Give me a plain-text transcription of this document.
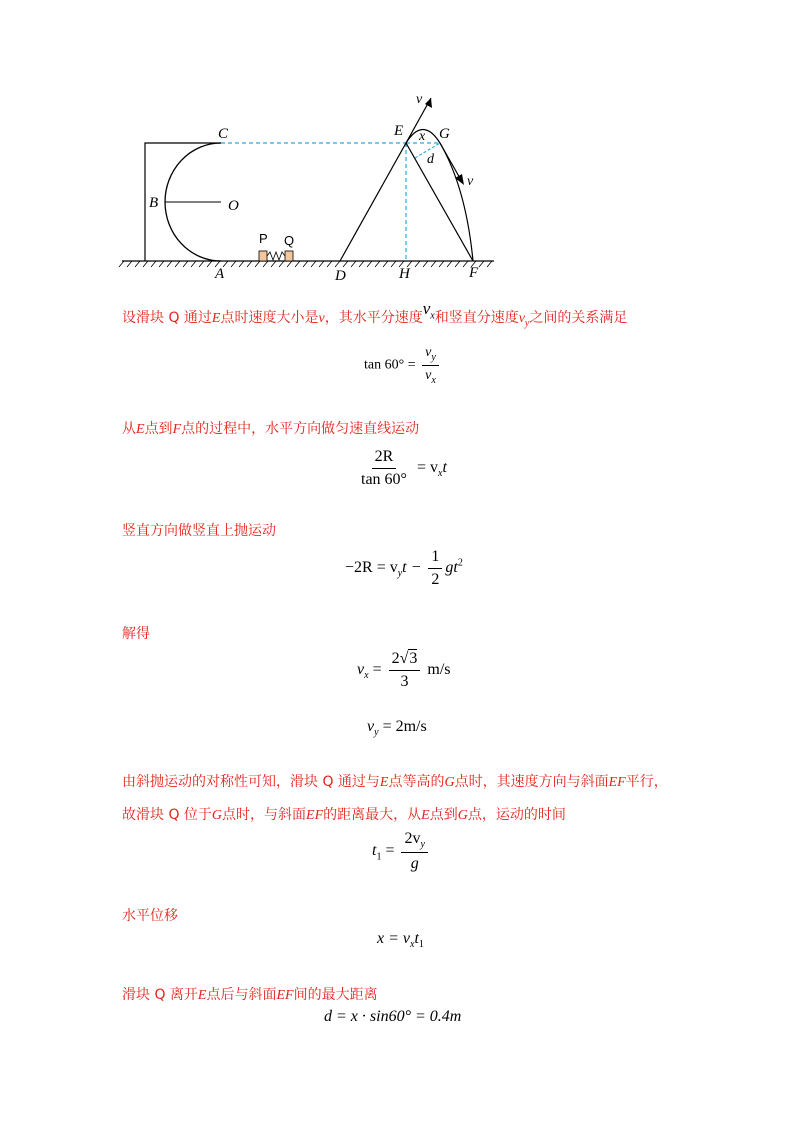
C
B	O
A	D
E G
H	F
v
v
x
d
P Q
设滑块 Q 通过E点时速度大小是v，其水平分速度$v_x$和竖直分速度$v_y$之间的关系满足
$\tan 60^\circ = \frac{v_y}{v_x}$
从E点到F点的过程中，水平方向做匀速直线运动
$\frac{2R}{\tan 60^\circ} = v_xt$
竖直方向做竖直上抛运动
$-2R = v_yt - \frac{1}{2} gt^2$
解得
$v_x = \frac{2√3}{3} m/s$
$v_y = 2m/s$
由斜抛运动的对称性可知，滑块 Q 通过与E点等高的G点时，其速度方向与斜面EF平行，
故滑块 Q 位于G点时，与斜面EF的距离最大，从E点到G点，运动的时间
$t_1 = \frac{2v_y}{g}$
水平位移
$x = v_xt_1$
滑块 Q 离开E点后与斜面EF间的最大距离
d = x · sin60° = 0.4m
